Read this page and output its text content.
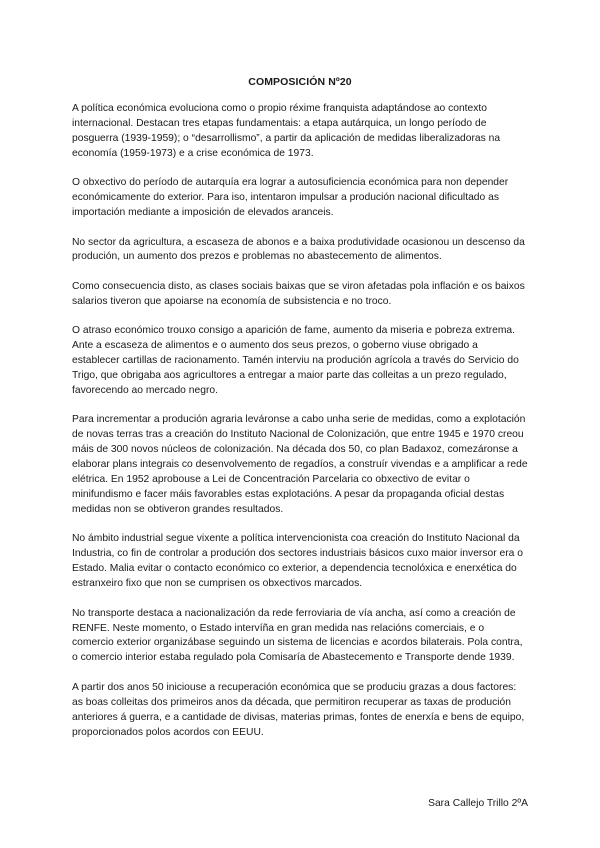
COMPOSICIÓN Nº20

A política económica evoluciona como o propio réxime franquista adaptándose ao contexto internacional. Destacan tres etapas fundamentais: a etapa autárquica, un longo período de posguerra (1939-1959); o “desarrollismo”, a partir da aplicación de medidas liberalizadoras na economía (1959-1973) e a crise económica de 1973.

O obxectivo do período de autarquía era lograr a autosuficiencia económica para non depender económicamente do exterior. Para iso, intentaron impulsar a produción nacional dificultado as importación mediante a imposición de elevados aranceis.

No sector da agricultura, a escaseza de abonos e a baixa produtividade ocasionou un descenso da produción, un aumento dos prezos e problemas no abastecemento de alimentos.

Como consecuencia disto, as clases sociais baixas que se viron afetadas pola inflación e os baixos salarios tiveron que apoiarse na economía de subsistencia e no troco.

O atraso económico trouxo consigo a aparición de fame, aumento da miseria e pobreza extrema. Ante a escaseza de alimentos e o aumento dos seus prezos, o goberno viuse obrigado a establecer cartillas de racionamento. Tamén interviu na produción agrícola a través do Servicio do Trigo, que obrigaba aos agricultores a entregar a maior parte das colleitas a un prezo regulado, favorecendo ao mercado negro.

Para incrementar a produción agraria leváronse a cabo unha serie de medidas, como a explotación de novas terras tras a creación do Instituto Nacional de Colonización, que entre 1945 e 1970 creou máis de 300 novos núcleos de colonización. Na década dos 50, co plan Badaxoz, comezáronse a elaborar plans integrais co desenvolvemento de regadíos, a construír vivendas e a amplificar a rede elétrica. En 1952 aprobouse a Lei de Concentración Parcelaria co obxectivo de evitar o minifundismo e facer máis favorables estas explotacións. A pesar da propaganda oficial destas medidas non se obtiveron grandes resultados.

No ámbito industrial segue vixente a política intervencionista coa creación do Instituto Nacional da Industria, co fin de controlar a produción dos sectores industriais básicos cuxo maior inversor era o Estado. Malia evitar o contacto económico co exterior, a dependencia tecnolóxica e enerxética do estranxeiro fixo que non se cumprisen os obxectivos marcados.

No transporte destaca a nacionalización da rede ferroviaria de vía ancha, así como a creación de RENFE. Neste momento, o Estado intervíña en gran medida nas relacións comerciais, e o comercio exterior organizábase seguindo un sistema de licencias e acordos bilaterais. Pola contra, o comercio interior estaba regulado pola Comisaría de Abastecemento e Transporte dende 1939.

A partir dos anos 50 iniciouse a recuperación económica que se produciu grazas a dous factores: as boas colleitas dos primeiros anos da década, que permitiron recuperar as taxas de produción anteriores á guerra, e a cantidade de divisas, materias primas, fontes de enerxía e bens de equipo, proporcionados polos acordos con EEUU.

Sara Callejo Trillo 2ºA
